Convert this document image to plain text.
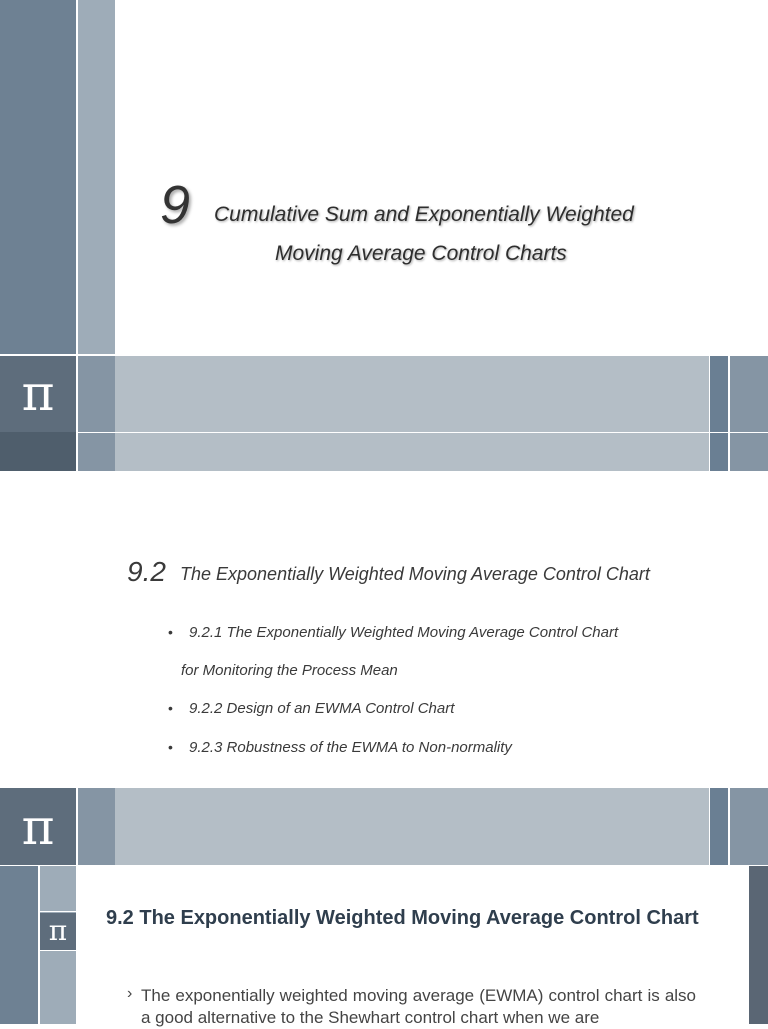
9 Cumulative Sum and Exponentially Weighted
Moving Average Control Charts
π
9.2 The Exponentially Weighted Moving Average Control Chart
• 9.2.1 The Exponentially Weighted Moving Average Control Chart
for Monitoring the Process Mean
• 9.2.2 Design of an EWMA Control Chart
• 9.2.3 Robustness of the EWMA to Non-normality
π
π	9.2 The Exponentially Weighted Moving Average Control Chart
› The exponentially weighted moving average (EWMA) control chart is also a good alternative to the Shewhart control chart when we are
